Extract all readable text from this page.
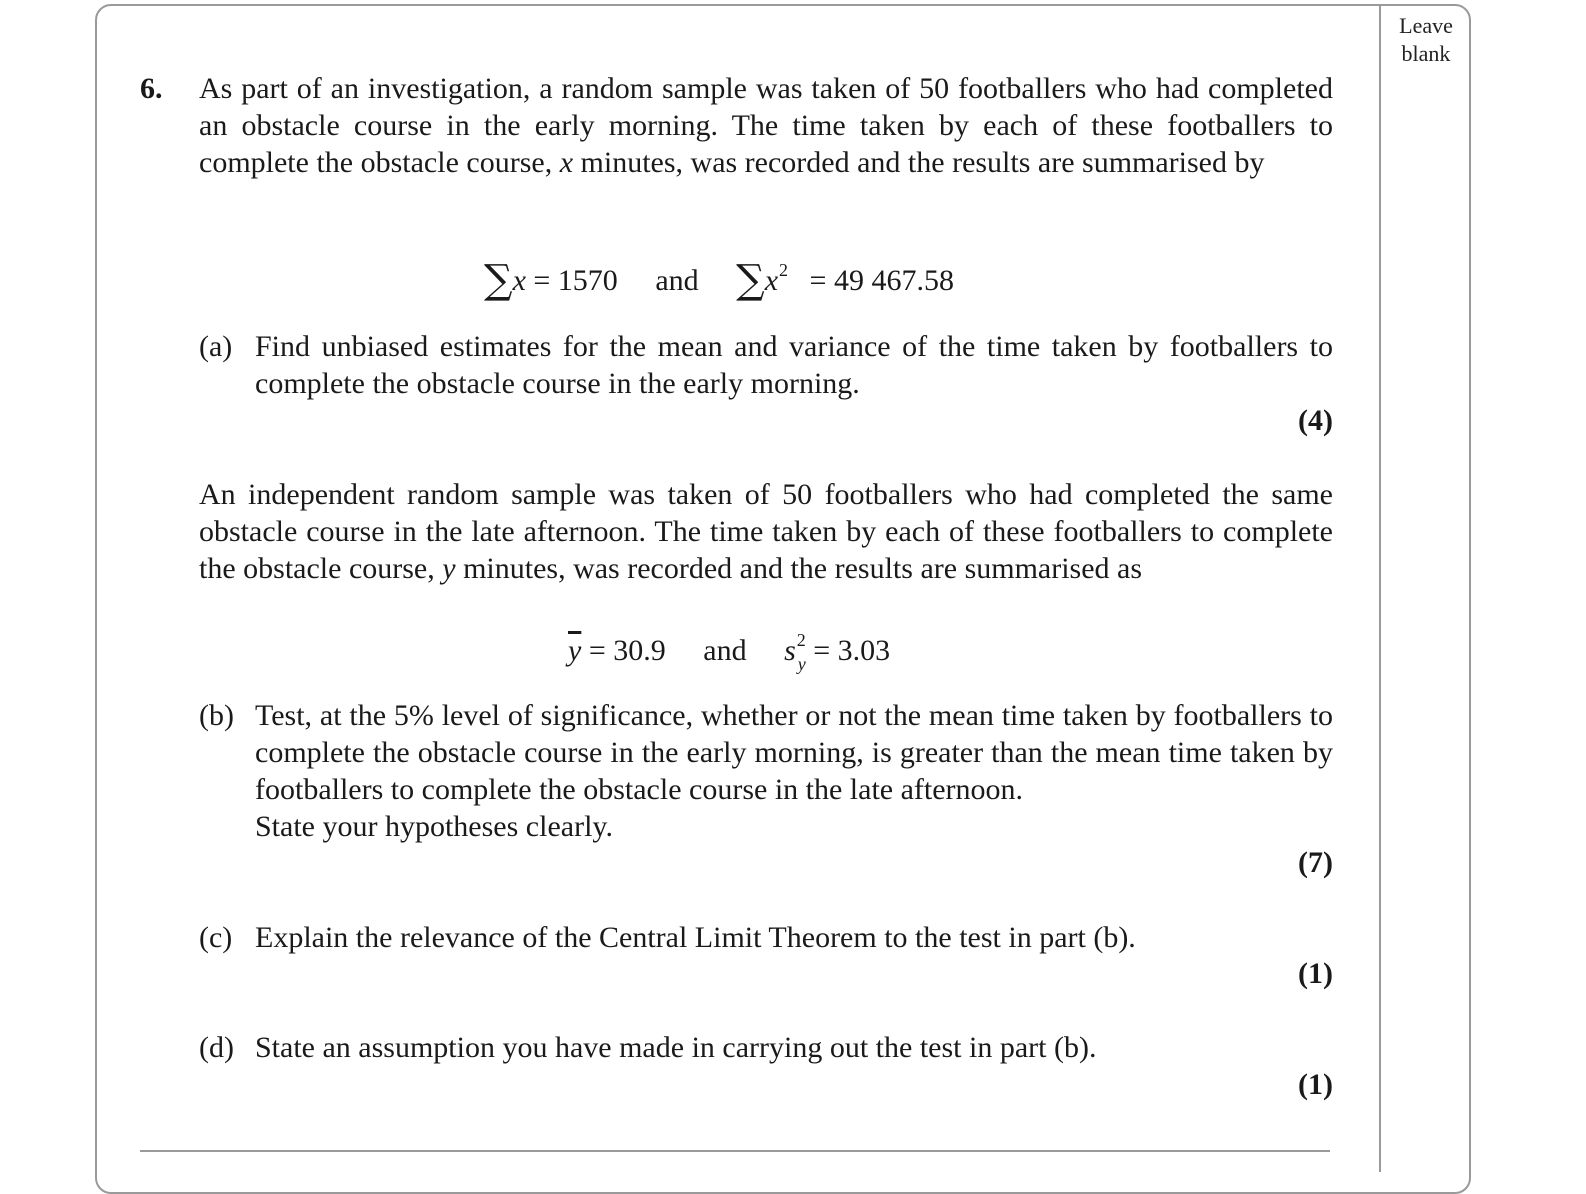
Leave
blank
6. As part of an investigation, a random sample was taken of 50 footballers who had completed an obstacle course in the early morning. The time taken by each of these footballers to complete the obstacle course, x minutes, was recorded and the results are summarised by
∑x = 1570 and $\sum x^2 = 49$ 467.58
(a) Find unbiased estimates for the mean and variance of the time taken by footballers to complete the obstacle course in the early morning.
(4)
An independent random sample was taken of 50 footballers who had completed the same obstacle course in the late afternoon. The time taken by each of these footballers to complete the obstacle course, y minutes, was recorded and the results are summarised as
$\overline{y} = 30.9$ and $s^2_y = 3.03$
(b) Test, at the 5% level of significance, whether or not the mean time taken by footballers to complete the obstacle course in the early morning, is greater than the mean time taken by footballers to complete the obstacle course in the late afternoon.
State your hypotheses clearly.
(7)
(c) Explain the relevance of the Central Limit Theorem to the test in part (b).
(1)
(d) State an assumption you have made in carrying out the test in part (b).
(1)
